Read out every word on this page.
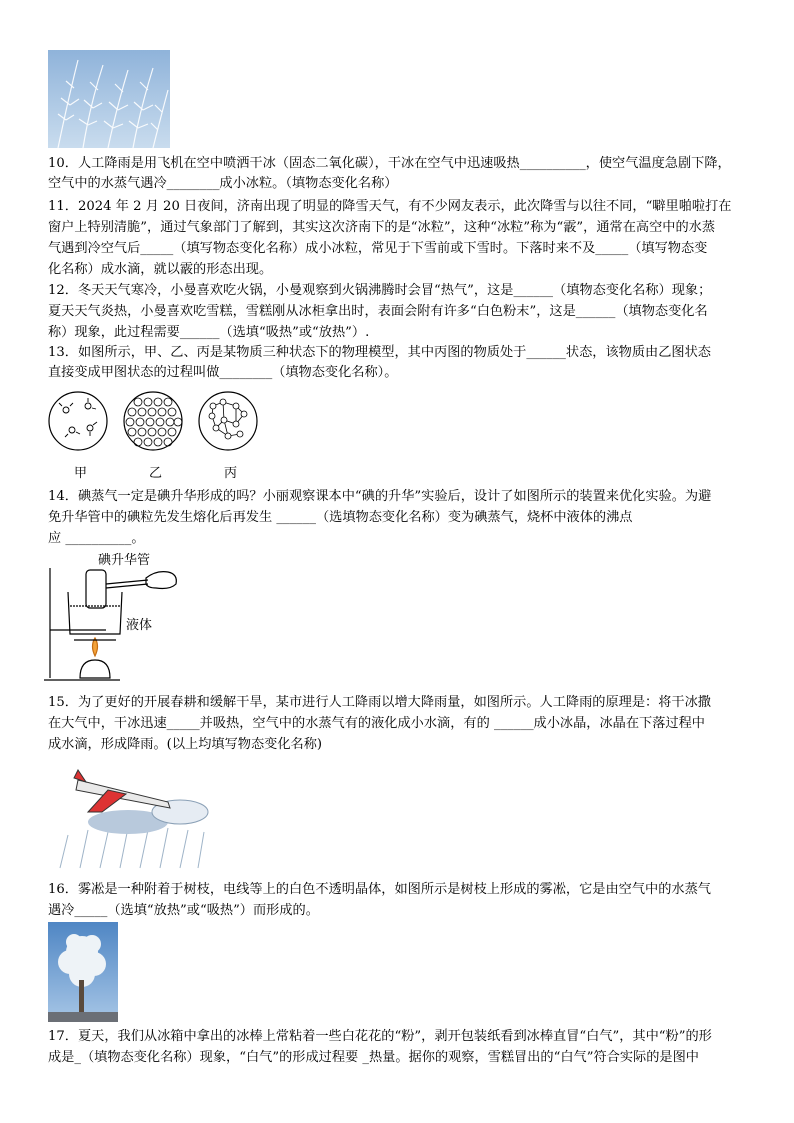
10．人工降雨是用飞机在空中喷洒干冰（固态二氧化碳），干冰在空气中迅速吸热__________，使空气温度急剧下降，
空气中的水蒸气遇冷________成小冰粒。（填物态变化名称）
11．2024 年 2 月 20 日夜间，济南出现了明显的降雪天气，有不少网友表示，此次降雪与以往不同，“噼里啪啦打在
窗户上特别清脆”，通过气象部门了解到，其实这次济南下的是“冰粒”，这种“冰粒”称为“霰”，通常在高空中的水蒸
气遇到冷空气后_____（填写物态变化名称）成小冰粒，常见于下雪前或下雪时。下落时来不及_____（填写物态变
化名称）成水滴，就以霰的形态出现。
12．冬天天气寒冷，小曼喜欢吃火锅，小曼观察到火锅沸腾时会冒“热气”，这是______（填物态变化名称）现象；
夏天天气炎热，小曼喜欢吃雪糕，雪糕刚从冰柜拿出时，表面会附有许多“白色粉末”，这是______（填物态变化名
称）现象，此过程需要______（选填“吸热”或“放热”）.
13．如图所示，甲、乙、丙是某物质三种状态下的物理模型，其中丙图的物质处于______状态，该物质由乙图状态
直接变成甲图状态的过程叫做________（填物态变化名称）。
甲	乙	丙
14．碘蒸气一定是碘升华形成的吗？小丽观察课本中“碘的升华”实验后，设计了如图所示的装置来优化实验。为避
免升华管中的碘粒先发生熔化后再发生 ______（选填物态变化名称）变为碘蒸气，烧杯中液体的沸点
应 __________。
碘升华管
液体
15．为了更好的开展春耕和缓解干旱，某市进行人工降雨以增大降雨量，如图所示。人工降雨的原理是：将干冰撒
在大气中，干冰迅速_____并吸热，空气中的水蒸气有的液化成小水滴，有的 ______成小冰晶，冰晶在下落过程中
成水滴，形成降雨。(以上均填写物态变化名称)
16．雾凇是一种附着于树枝，电线等上的白色不透明晶体，如图所示是树枝上形成的雾凇，它是由空气中的水蒸气
遇冷_____（选填“放热”或“吸热”）而形成的。
17．夏天，我们从冰箱中拿出的冰棒上常粘着一些白花花的“粉”，剥开包装纸看到冰棒直冒“白气”，其中“粉”的形
成是_（填物态变化名称）现象，“白气”的形成过程要 _热量。据你的观察，雪糕冒出的“白气”符合实际的是图中
